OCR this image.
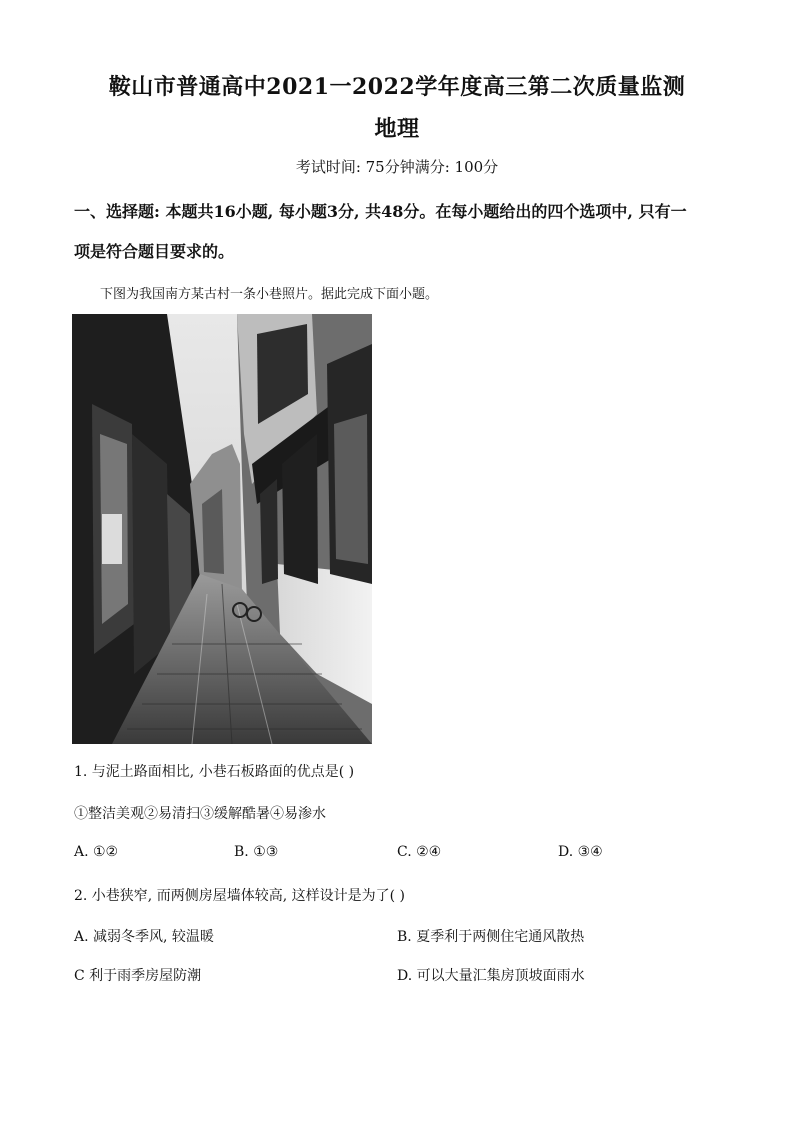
鞍山市普通高中2021一2022学年度高三第二次质量监测
地理
考试时间: 75分钟满分: 100分
一、选择题: 本题共16小题, 每小题3分, 共48分。在每小题给出的四个选项中, 只有一
项是符合题目要求的。
下图为我国南方某古村一条小巷照片。据此完成下面小题。
1. 与泥土路面相比, 小巷石板路面的优点是( )
①整洁美观②易清扫③缓解酷暑④易渗水
A. ①②	B. ①③	C. ②④	D. ③④
2. 小巷狭窄, 而两侧房屋墙体较高, 这样设计是为了( )
A. 减弱冬季风, 较温暖	B. 夏季利于两侧住宅通风散热
C 利于雨季房屋防潮	D. 可以大量汇集房顶坡面雨水
